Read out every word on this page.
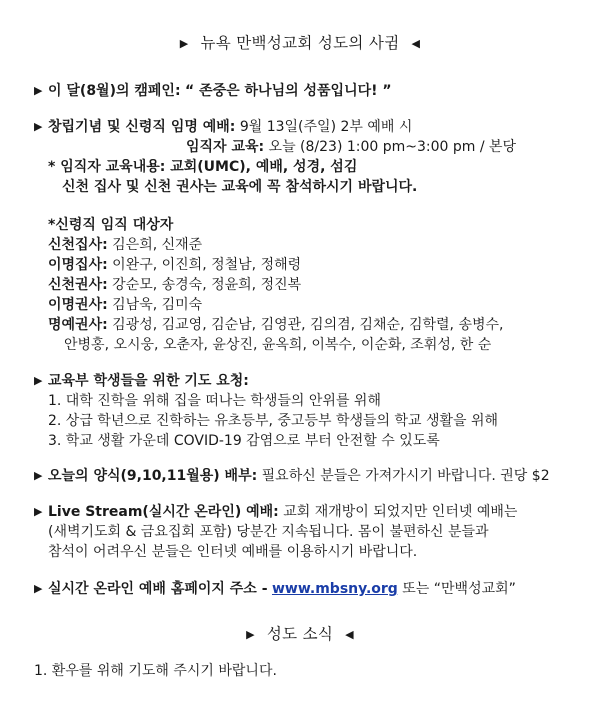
▶ 뉴욕 만백성교회 성도의 사귐 ◀
▶ 이 달(8월)의 캠페인: “ 존중은 하나님의 성품입니다! ”
▶ 창립기념 및 신령직 임명 예배: 9월 13일(주일) 2부 예배 시
임직자 교육: 오늘 (8/23) 1:00 pm~3:00 pm / 본당
* 임직자 교육내용: 교회(UMC), 예배, 성경, 섬김
신천 집사 및 신천 권사는 교육에 꼭 참석하시기 바랍니다.
*신령직 임직 대상자
신천집사: 김은희, 신재준
이명집사: 이완구, 이진희, 정철남, 정해령
신천권사: 강순모, 송경숙, 정윤희, 정진복
이명권사: 김남욱, 김미숙
명예권사: 김광성, 김교영, 김순남, 김영관, 김의겸, 김채순, 김학렬, 송병수,
안병홍, 오시웅, 오춘자, 윤상진, 윤옥희, 이복수, 이순화, 조휘성, 한 순
▶ 교육부 학생들을 위한 기도 요청:
1. 대학 진학을 위해 집을 떠나는 학생들의 안위를 위해
2. 상급 학년으로 진학하는 유초등부, 중고등부 학생들의 학교 생활을 위해
3. 학교 생활 가운데 COVID-19 감염으로 부터 안전할 수 있도록
▶ 오늘의 양식(9,10,11월용) 배부: 필요하신 분들은 가져가시기 바랍니다. 권당 $2
▶ Live Stream(실시간 온라인) 예배: 교회 재개방이 되었지만 인터넷 예배는
(새벽기도회 & 금요집회 포함) 당분간 지속됩니다. 몸이 불편하신 분들과
참석이 어려우신 분들은 인터넷 예배를 이용하시기 바랍니다.
▶ 실시간 온라인 예배 홈페이지 주소 - www.mbsny.org 또는 “만백성교회”
▶ 성도 소식 ◀
1. 환우를 위해 기도해 주시기 바랍니다.
